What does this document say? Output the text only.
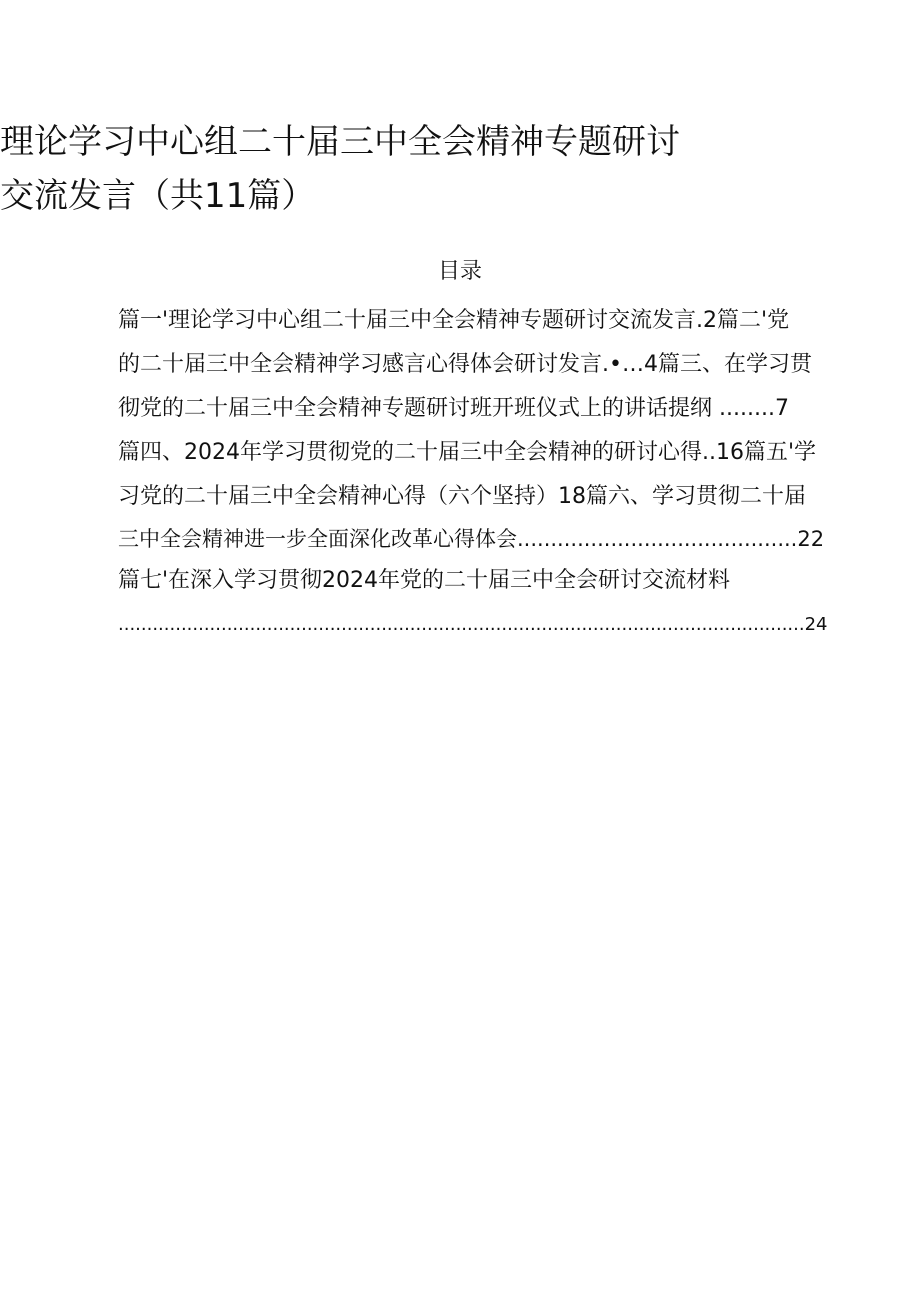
理论学习中心组二十届三中全会精神专题研讨
交流发言（共11篇）
目录
篇一'理论学习中心组二十届三中全会精神专题研讨交流发言.2篇二'党
的二十届三中全会精神学习感言心得体会研讨发言.•…4篇三、在学习贯
彻党的二十届三中全会精神专题研讨班开班仪式上的讲话提纲 ........7
篇四、2024年学习贯彻党的二十届三中全会精神的研讨心得..16篇五'学
习党的二十届三中全会精神心得（六个坚持）18篇六、学习贯彻二十届
三中全会精神进一步全面深化改革心得体会..........................................22
篇七'在深入学习贯彻2024年党的二十届三中全会研讨交流材料
........................................................................................................................24
